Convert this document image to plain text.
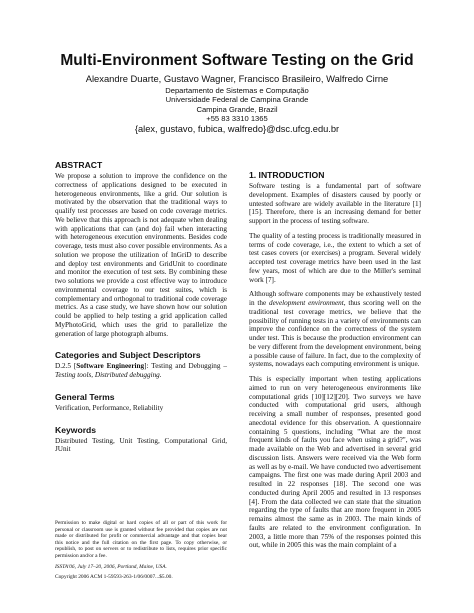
Multi-Environment Software Testing on the Grid
Alexandre Duarte, Gustavo Wagner, Francisco Brasileiro, Walfredo Cirne
Departamento de Sistemas e Computação
Universidade Federal de Campina Grande
Campina Grande, Brazil
+55 83 3310 1365
{alex, gustavo, fubica, walfredo}@dsc.ufcg.edu.br
ABSTRACT
We propose a solution to improve the confidence on the correctness of applications designed to be executed in heterogeneous environments, like a grid. Our solution is motivated by the observation that the traditional ways to qualify test processes are based on code coverage metrics. We believe that this approach is not adequate when dealing with applications that can (and do) fail when interacting with heterogeneous execution environments. Besides code coverage, tests must also cover possible environments. As a solution we propose the utilization of InGriD to describe and deploy test environments and GridUnit to coordinate and monitor the execution of test sets. By combining these two solutions we provide a cost effective way to introduce environmental coverage to our test suites, which is complementary and orthogonal to traditional code coverage metrics. As a case study, we have shown how our solution could be applied to help testing a grid application called MyPhotoGrid, which uses the grid to parallelize the generation of large photograph albums.
Categories and Subject Descriptors
D.2.5 [Software Engineering]: Testing and Debugging – Testing tools, Distributed debugging.
General Terms
Verification, Performance, Reliability
Keywords
Distributed Testing, Unit Testing, Computational Grid, JUnit
Permission to make digital or hard copies of all or part of this work for personal or classroom use is granted without fee provided that copies are not made or distributed for profit or commercial advantage and that copies bear this notice and the full citation on the first page. To copy otherwise, or republish, to post on servers or to redistribute to lists, requires prior specific permission and/or a fee.
ISSTA'06, July 17–20, 2006, Portland, Maine, USA.
Copyright 2006 ACM 1-59593-263-1/06/0007...$5.00.
1. INTRODUCTION
Software testing is a fundamental part of software development. Examples of disasters caused by poorly or untested software are widely available in the literature [1][15]. Therefore, there is an increasing demand for better support in the process of testing software.
The quality of a testing process is traditionally measured in terms of code coverage, i.e., the extent to which a set of test cases covers (or exercises) a program. Several widely accepted test coverage metrics have been used in the last few years, most of which are due to the Miller's seminal work [7].
Although software components may be exhaustively tested in the development environment, thus scoring well on the traditional test coverage metrics, we believe that the possibility of running tests in a variety of environments can improve the confidence on the correctness of the system under test. This is because the production environment can be very different from the development environment, being a possible cause of failure. In fact, due to the complexity of systems, nowadays each computing environment is unique.
This is especially important when testing applications aimed to run on very heterogeneous environments like computational grids [10][12][20]. Two surveys we have conducted with computational grid users, although receiving a small number of responses, presented good anecdotal evidence for this observation. A questionnaire containing 5 questions, including "What are the most frequent kinds of faults you face when using a grid?", was made available on the Web and advertised in several grid discussion lists. Answers were received via the Web form as well as by e-mail. We have conducted two advertisement campaigns. The first one was made during April 2003 and resulted in 22 responses [18]. The second one was conducted during April 2005 and resulted in 13 responses [4]. From the data collected we can state that the situation regarding the type of faults that are more frequent in 2005 remains almost the same as in 2003. The main kinds of faults are related to the environment configuration. In 2003, a little more than 75% of the responses pointed this out, while in 2005 this was the main complaint of a
